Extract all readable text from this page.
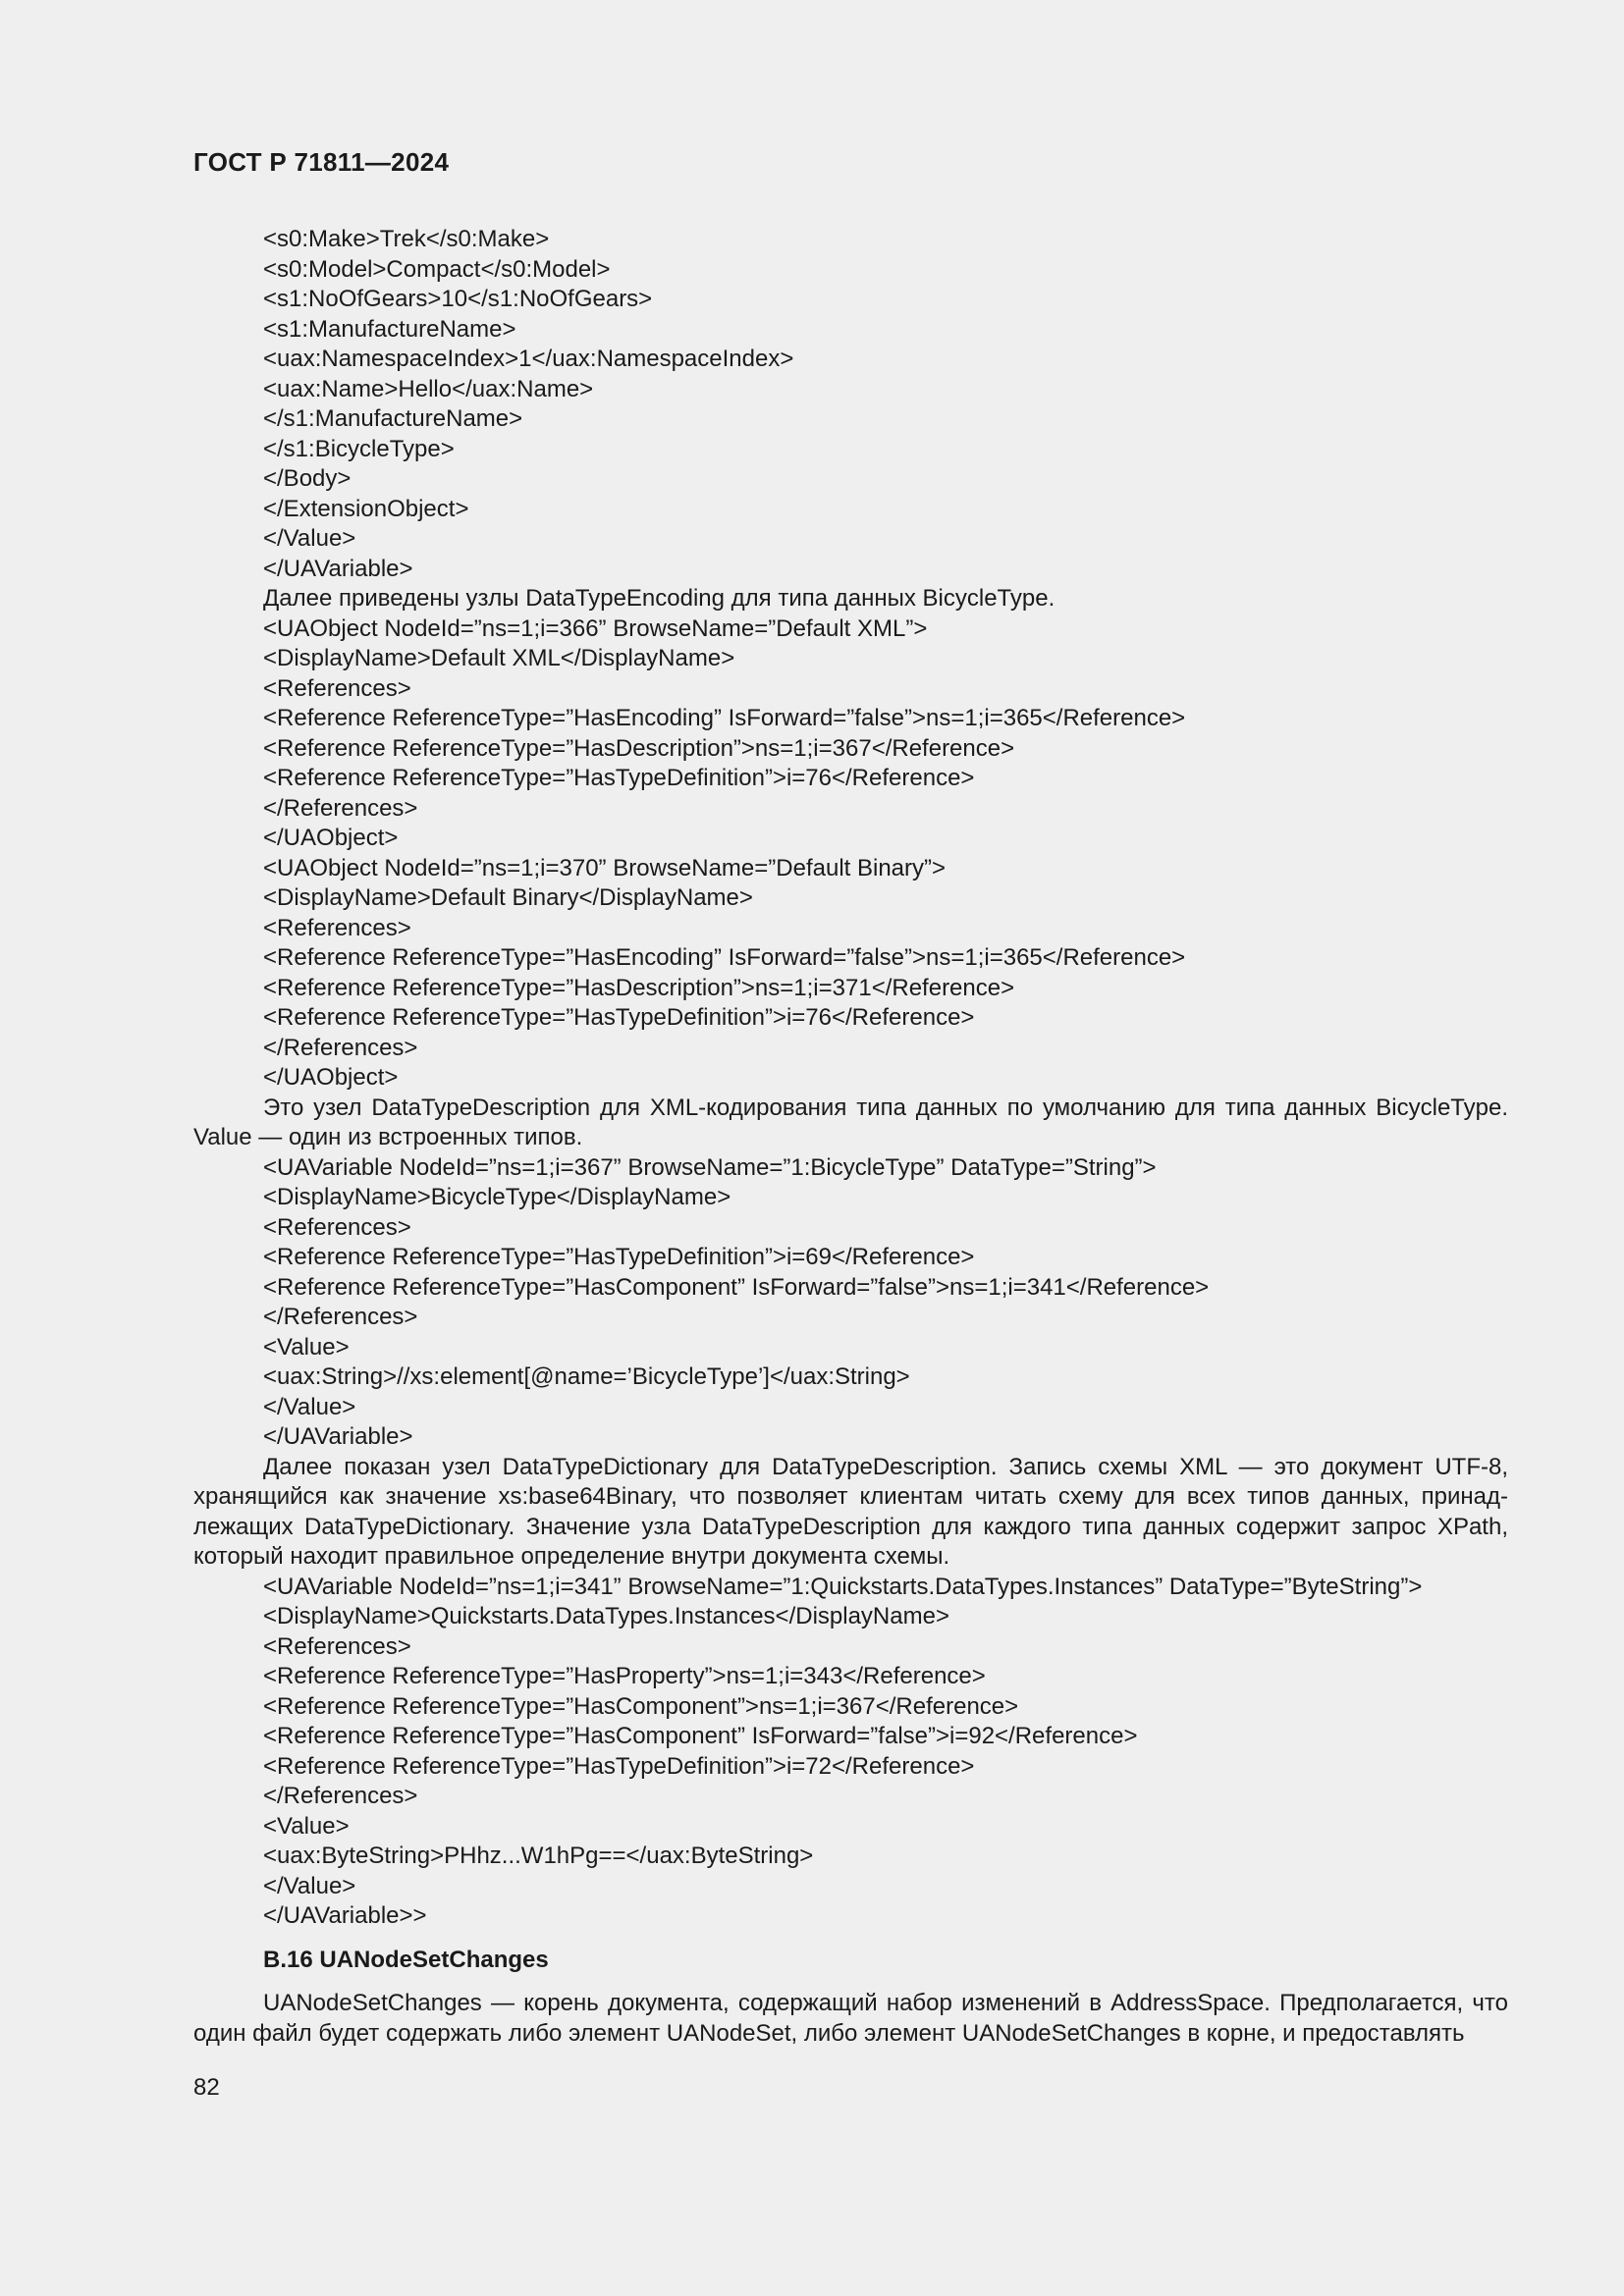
ГОСТ Р 71811—2024
<s0:Make>Trek</s0:Make>
<s0:Model>Compact</s0:Model>
<s1:NoOfGears>10</s1:NoOfGears>
<s1:ManufactureName>
<uax:NamespaceIndex>1</uax:NamespaceIndex>
<uax:Name>Hello</uax:Name>
</s1:ManufactureName>
</s1:BicycleType>
</Body>
</ExtensionObject>
</Value>
</UAVariable>

Далее приведены узлы DataTypeEncoding для типа данных BicycleType.

<UAObject NodeId=”ns=1;i=366” BrowseName=”Default XML”>
<DisplayName>Default XML</DisplayName>
<References>
<Reference ReferenceType=”HasEncoding” IsForward=”false”>ns=1;i=365</Reference>
<Reference ReferenceType=”HasDescription”>ns=1;i=367</Reference>
<Reference ReferenceType=”HasTypeDefinition”>i=76</Reference>
</References>
</UAObject>
<UAObject NodeId=”ns=1;i=370” BrowseName=”Default Binary”>
<DisplayName>Default Binary</DisplayName>
<References>
<Reference ReferenceType=”HasEncoding” IsForward=”false”>ns=1;i=365</Reference>
<Reference ReferenceType=”HasDescription”>ns=1;i=371</Reference>
<Reference ReferenceType=”HasTypeDefinition”>i=76</Reference>
</References>
</UAObject>

Это узел DataTypeDescription для XML-кодирования типа данных по умолчанию для типа данных BicycleType. Value — один из встроенных типов.

<UAVariable NodeId=”ns=1;i=367” BrowseName=”1:BicycleType” DataType=”String”>
<DisplayName>BicycleType</DisplayName>
<References>
<Reference ReferenceType=”HasTypeDefinition”>i=69</Reference>
<Reference ReferenceType=”HasComponent” IsForward=”false”>ns=1;i=341</Reference>
</References>
<Value>
<uax:String>//xs:element[@name=’BicycleType’]</uax:String>
</Value>
</UAVariable>

Далее показан узел DataTypeDictionary для DataTypeDescription. Запись схемы XML — это документ UTF-8, хранящийся как значение xs:base64Binary, что позволяет клиентам читать схему для всех типов данных, принадлежащих DataTypeDictionary. Значение узла DataTypeDescription для каждого типа данных содержит запрос XPath, который находит правильное определение внутри документа схемы.

<UAVariable NodeId=”ns=1;i=341” BrowseName=”1:Quickstarts.DataTypes.Instances” DataType=”ByteString”>
<DisplayName>Quickstarts.DataTypes.Instances</DisplayName>
<References>
<Reference ReferenceType=”HasProperty”>ns=1;i=343</Reference>
<Reference ReferenceType=”HasComponent”>ns=1;i=367</Reference>
<Reference ReferenceType=”HasComponent” IsForward=”false”>i=92</Reference>
<Reference ReferenceType=”HasTypeDefinition”>i=72</Reference>
</References>
<Value>
<uax:ByteString>PHhz...W1hPg==</uax:ByteString>
</Value>
</UAVariable>>
B.16 UANodeSetChanges

UANodeSetChanges — корень документа, содержащий набор изменений в AddressSpace. Предполагается, что один файл будет содержать либо элемент UANodeSet, либо элемент UANodeSetChanges в корне, и предоставлять

82
